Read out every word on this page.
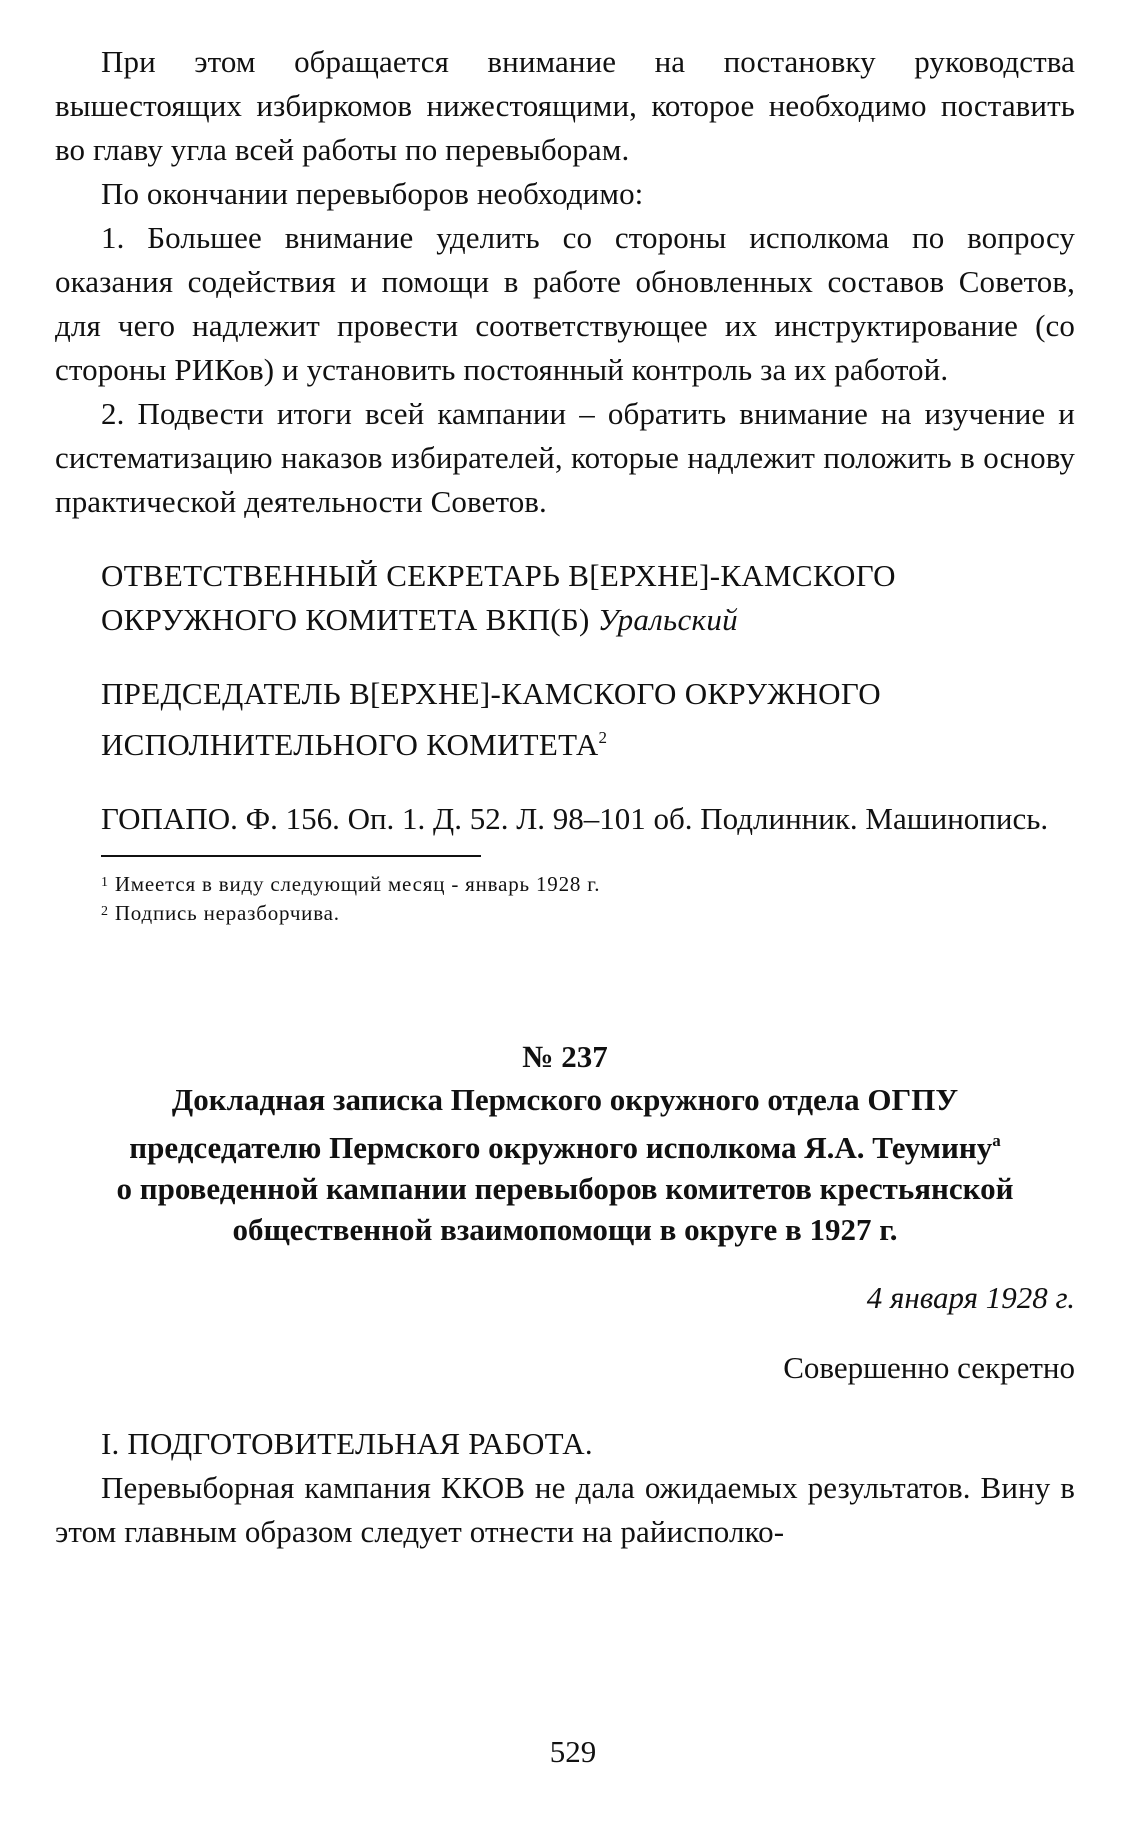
При этом обращается внимание на постановку руководства вышестоящих избиркомов нижестоящими, которое необходимо поставить во главу угла всей работы по перевыборам.

По окончании перевыборов необходимо:

1. Большее внимание уделить со стороны исполкома по вопросу оказания содействия и помощи в работе обновленных составов Советов, для чего надлежит провести соответствующее их инструктирование (со стороны РИКов) и установить постоянный контроль за их работой.

2. Подвести итоги всей кампании – обратить внимание на изучение и систематизацию наказов избирателей, которые надлежит положить в основу практической деятельности Советов.

ОТВЕТСТВЕННЫЙ СЕКРЕТАРЬ В[ЕРХНЕ]-КАМСКОГО ОКРУЖНОГО КОМИТЕТА ВКП(Б) Уральский

ПРЕДСЕДАТЕЛЬ В[ЕРХНЕ]-КАМСКОГО ОКРУЖНОГО ИСПОЛНИТЕЛЬНОГО КОМИТЕТА$^2$

ГОПАПО. Ф. 156. Оп. 1. Д. 52. Л. 98–101 об. Подлинник. Машинопись.

$^1$ Имеется в виду следующий месяц - январь 1928 г.

$^2$ Подпись неразборчива.

№ 237

Докладная записка Пермского окружного отдела ОГПУ

председателю Пермского окружного исполкома Я.А. Теумину$^а$

о проведенной кампании перевыборов комитетов крестьянской

общественной взаимопомощи в округе в 1927 г.

4 января 1928 г.

Совершенно секретно

I. ПОДГОТОВИТЕЛЬНАЯ РАБОТА.

Перевыборная кампания ККОВ не дала ожидаемых результатов. Вину в этом главным образом следует отнести на райисполко-

529
